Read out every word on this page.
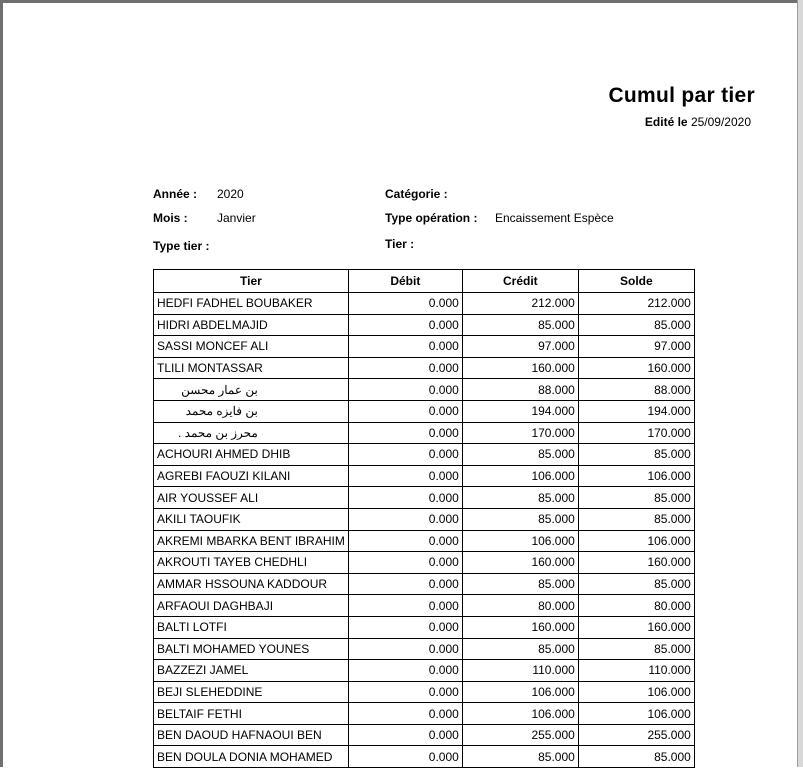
Cumul par tier
Edité le 25/09/2020
Année : 2020
Mois : Janvier
Type tier :
Catégorie :
Type opération : Encaissement Espèce
Tier :
Tier	Débit	Crédit	Solde
HEDFI FADHEL BOUBAKER	0.000	212.000	212.000
HIDRI ABDELMAJID	0.000	85.000	85.000
SASSI MONCEF ALI	0.000	97.000	97.000
TLILI MONTASSAR	0.000	160.000	160.000
بن عمار محسن	0.000	88.000	88.000
بن فايزه محمد	0.000	194.000	194.000
محرز بن محمد .	0.000	170.000	170.000
ACHOURI AHMED DHIB	0.000	85.000	85.000
AGREBI FAOUZI KILANI	0.000	106.000	106.000
AIR YOUSSEF ALI	0.000	85.000	85.000
AKILI TAOUFIK	0.000	85.000	85.000
AKREMI MBARKA BENT IBRAHIM	0.000	106.000	106.000
AKROUTI TAYEB CHEDHLI	0.000	160.000	160.000
AMMAR HSSOUNA KADDOUR	0.000	85.000	85.000
ARFAOUI DAGHBAJI	0.000	80.000	80.000
BALTI LOTFI	0.000	160.000	160.000
BALTI MOHAMED YOUNES	0.000	85.000	85.000
BAZZEZI JAMEL	0.000	110.000	110.000
BEJI SLEHEDDINE	0.000	106.000	106.000
BELTAIF FETHI	0.000	106.000	106.000
BEN DAOUD HAFNAOUI BEN	0.000	255.000	255.000
BEN DOULA DONIA MOHAMED	0.000	85.000	85.000
